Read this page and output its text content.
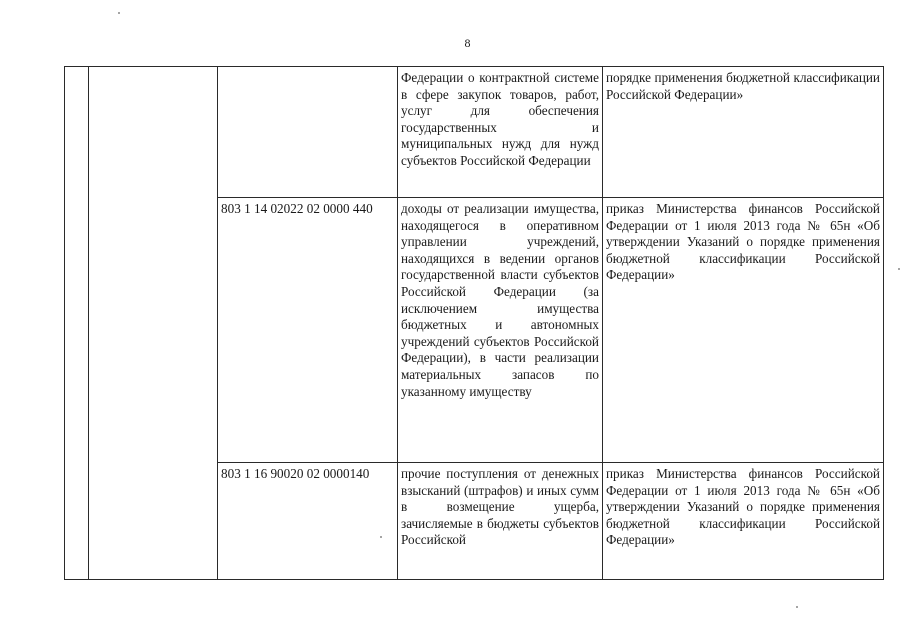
8

			Федерации о контрактной системе в сфере закупок товаров, работ, услуг для обеспечения государственных и муниципальных нужд для нужд субъектов Российской Федерации	порядке применения бюджетной классификации Российской Федерации»

		803 1 14 02022 02 0000 440	доходы от реализации имущества, находящегося в оперативном управлении учреждений, находящихся в ведении органов государственной власти субъектов Российской Федерации (за исключением имущества бюджетных и автономных учреждений субъектов Российской Федерации), в части реализации материальных запасов по указанному имуществу	приказ Министерства финансов Российской Федерации от 1 июля 2013 года № 65н «Об утверждении Указаний о порядке применения бюджетной классификации Российской Федерации»

		803 1 16 90020 02 0000140	прочие поступления от денежных взысканий (штрафов) и иных сумм в возмещение ущерба, зачисляемые в бюджеты субъектов Российской	приказ Министерства финансов Российской Федерации от 1 июля 2013 года № 65н «Об утверждении Указаний о порядке применения бюджетной классификации Российской Федерации»
